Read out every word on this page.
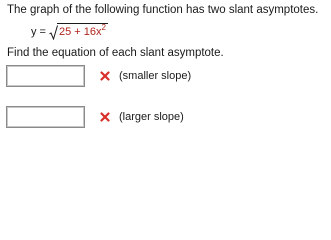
The graph of the following function has two slant asymptotes.
$y = 25 + 16x^2$
Find the equation of each slant asymptote.
(smaller slope)
(larger slope)
